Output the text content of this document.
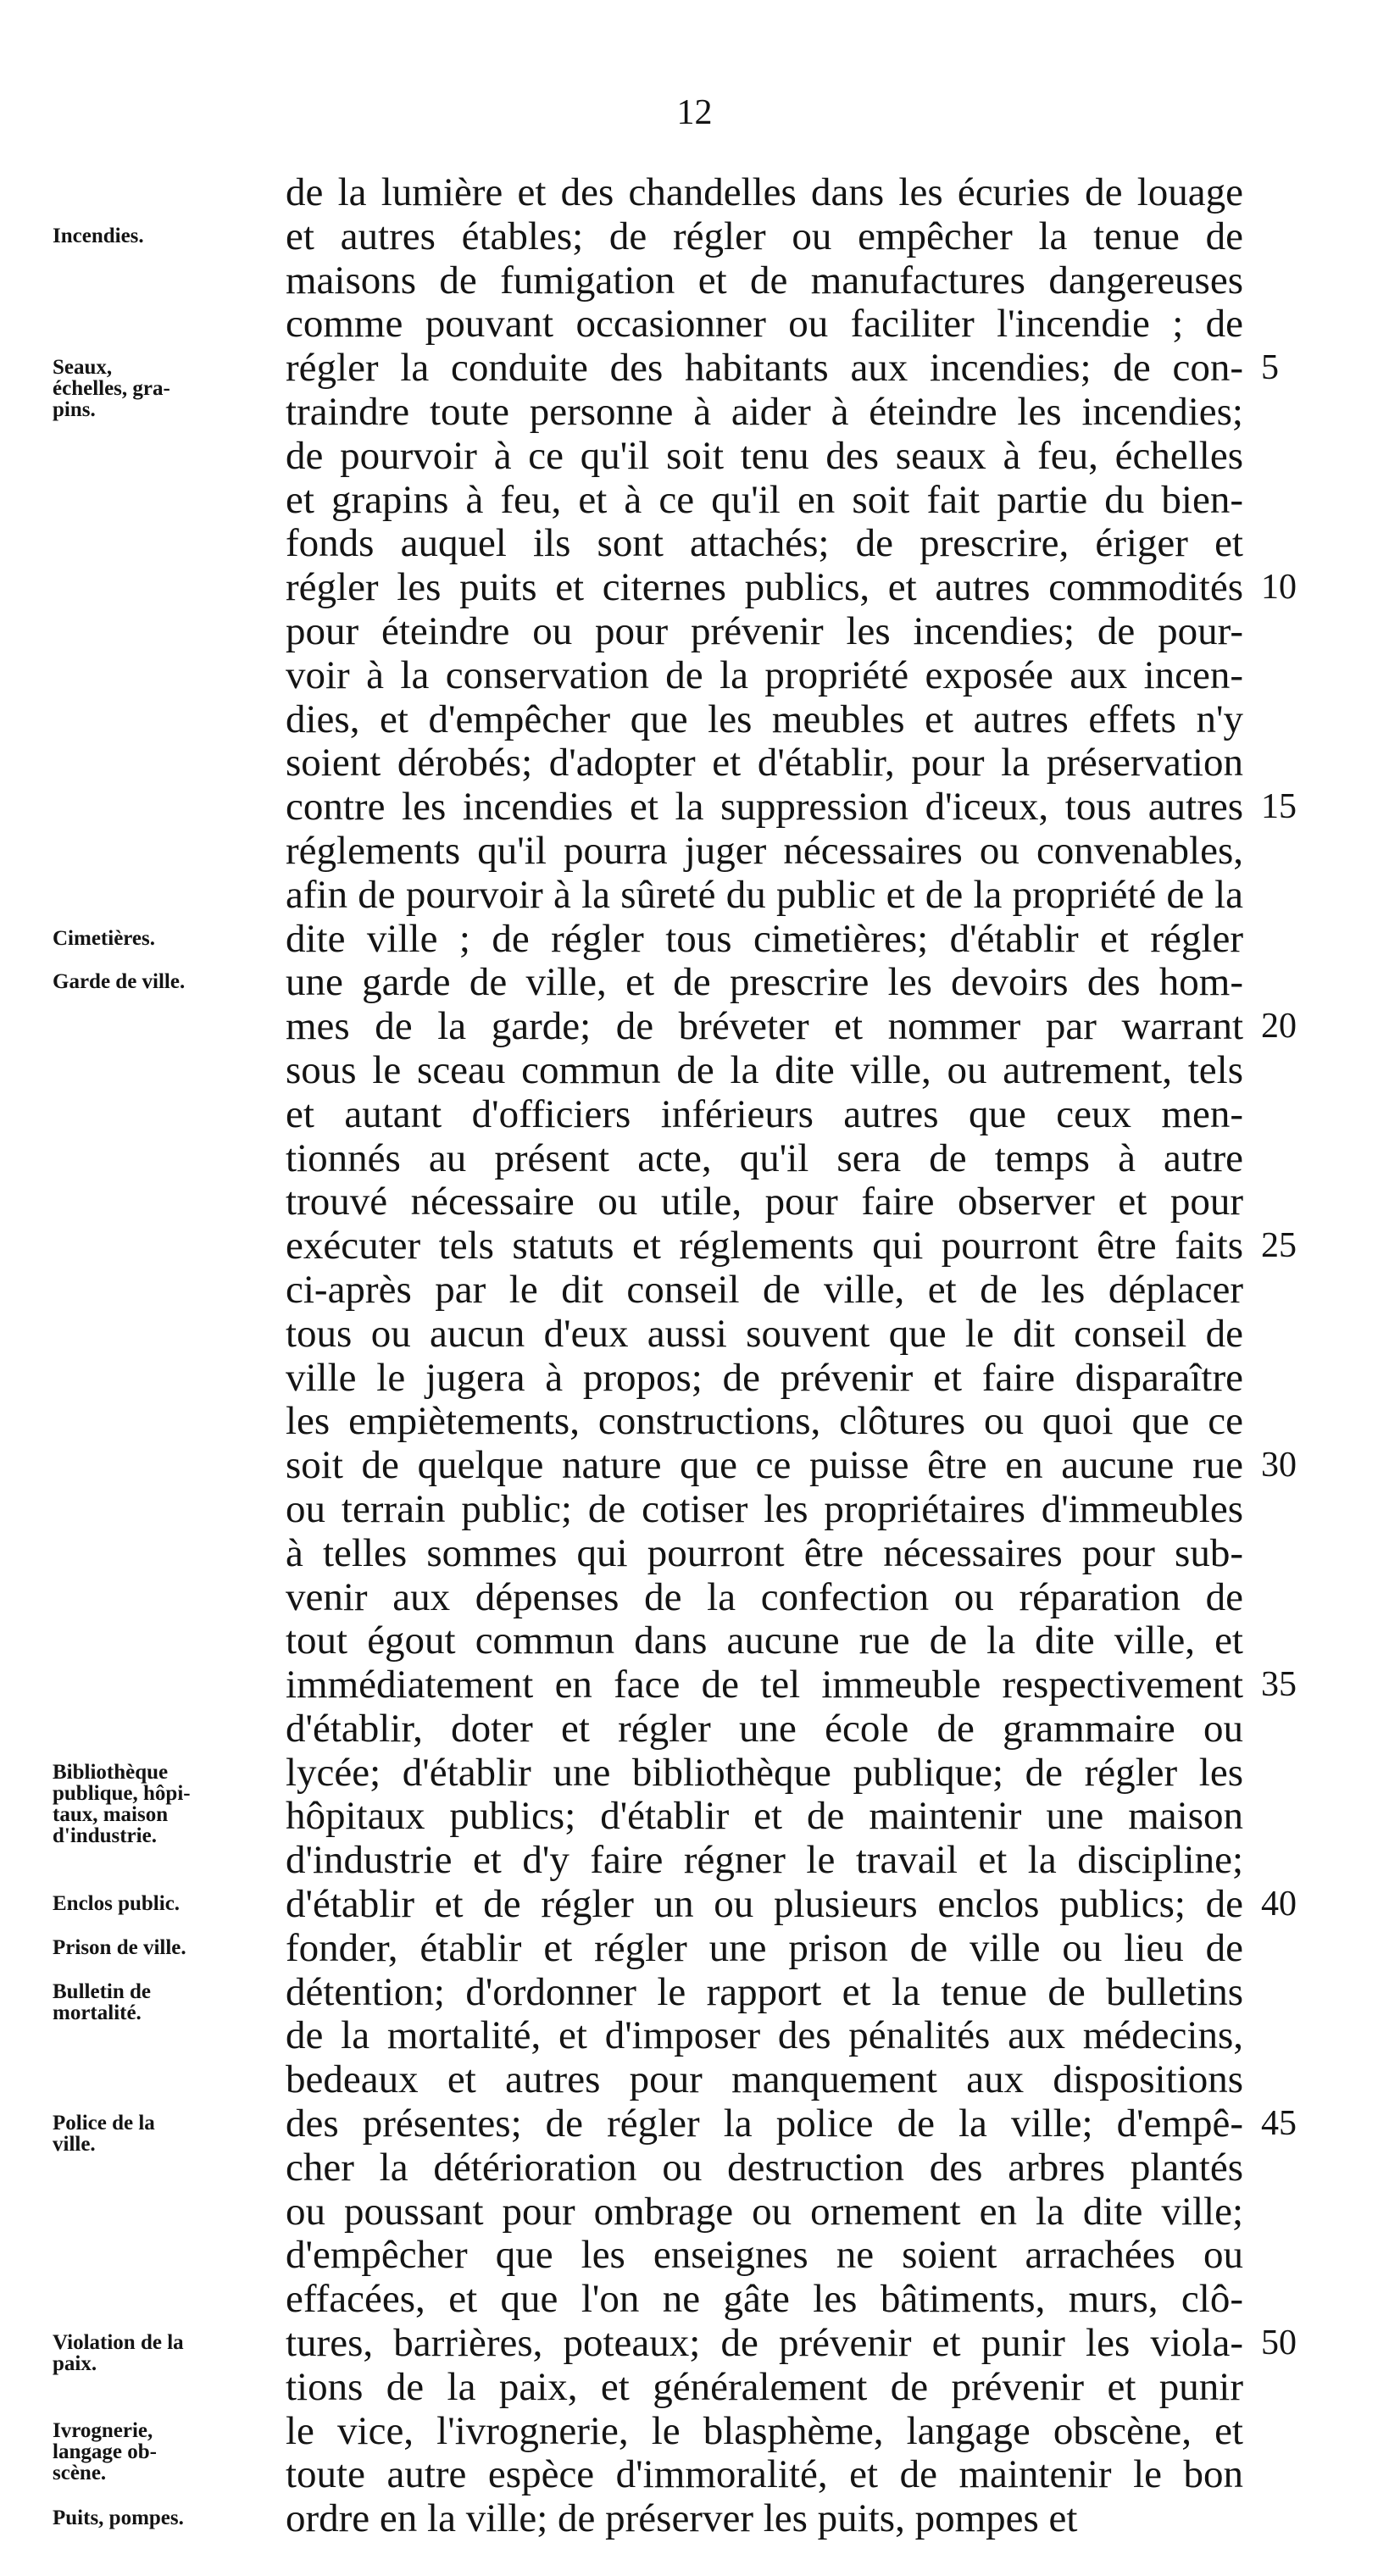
12
Incendies.
Seaux,
échelles, gra-
pins.
Cimetières.
Garde de ville.
Bibliothèque
publique, hôpi-
taux, maison
d'industrie.
Enclos public.
Prison de ville.
Bulletin de
mortalité.
Police de la
ville.
Violation de la
paix.
Ivrognerie,
langage ob-
scène.
Puits, pompes.
de la lumière et des chandelles dans les écuries de louage
et autres étables; de régler ou empêcher la tenue de
maisons de fumigation et de manufactures dangereuses
comme pouvant occasionner ou faciliter l'incendie ; de
régler la conduite des habitants aux incendies; de con-
traindre toute personne à aider à éteindre les incendies;
de pourvoir à ce qu'il soit tenu des seaux à feu, échelles
et grapins à feu, et à ce qu'il en soit fait partie du bien-
fonds auquel ils sont attachés; de prescrire, ériger et
régler les puits et citernes publics, et autres commodités
pour éteindre ou pour prévenir les incendies; de pour-
voir à la conservation de la propriété exposée aux incen-
dies, et d'empêcher que les meubles et autres effets n'y
soient dérobés; d'adopter et d'établir, pour la préservation
contre les incendies et la suppression d'iceux, tous autres
réglements qu'il pourra juger nécessaires ou convenables,
afin de pourvoir à la sûreté du public et de la propriété de la
dite ville ; de régler tous cimetières; d'établir et régler
une garde de ville, et de prescrire les devoirs des hom-
mes de la garde; de bréveter et nommer par warrant
sous le sceau commun de la dite ville, ou autrement, tels
et autant d'officiers inférieurs autres que ceux men-
tionnés au présent acte, qu'il sera de temps à autre
trouvé nécessaire ou utile, pour faire observer et pour
exécuter tels statuts et réglements qui pourront être faits
ci-après par le dit conseil de ville, et de les déplacer
tous ou aucun d'eux aussi souvent que le dit conseil de
ville le jugera à propos; de prévenir et faire disparaître
les empiètements, constructions, clôtures ou quoi que ce
soit de quelque nature que ce puisse être en aucune rue
ou terrain public; de cotiser les propriétaires d'immeubles
à telles sommes qui pourront être nécessaires pour sub-
venir aux dépenses de la confection ou réparation de
tout égout commun dans aucune rue de la dite ville, et
immédiatement en face de tel immeuble respectivement
d'établir, doter et régler une école de grammaire ou
lycée; d'établir une bibliothèque publique; de régler les
hôpitaux publics; d'établir et de maintenir une maison
d'industrie et d'y faire régner le travail et la discipline;
d'établir et de régler un ou plusieurs enclos publics; de
fonder, établir et régler une prison de ville ou lieu de
détention; d'ordonner le rapport et la tenue de bulletins
de la mortalité, et d'imposer des pénalités aux médecins,
bedeaux et autres pour manquement aux dispositions
des présentes; de régler la police de la ville; d'empê-
cher la détérioration ou destruction des arbres plantés
ou poussant pour ombrage ou ornement en la dite ville;
d'empêcher que les enseignes ne soient arrachées ou
effacées, et que l'on ne gâte les bâtiments, murs, clô-
tures, barrières, poteaux; de prévenir et punir les viola-
tions de la paix, et généralement de prévenir et punir
le vice, l'ivrognerie, le blasphème, langage obscène, et
toute autre espèce d'immoralité, et de maintenir le bon
ordre en la ville; de préserver les puits, pompes et
5
10
15
20
25
30
35
40
45
50
